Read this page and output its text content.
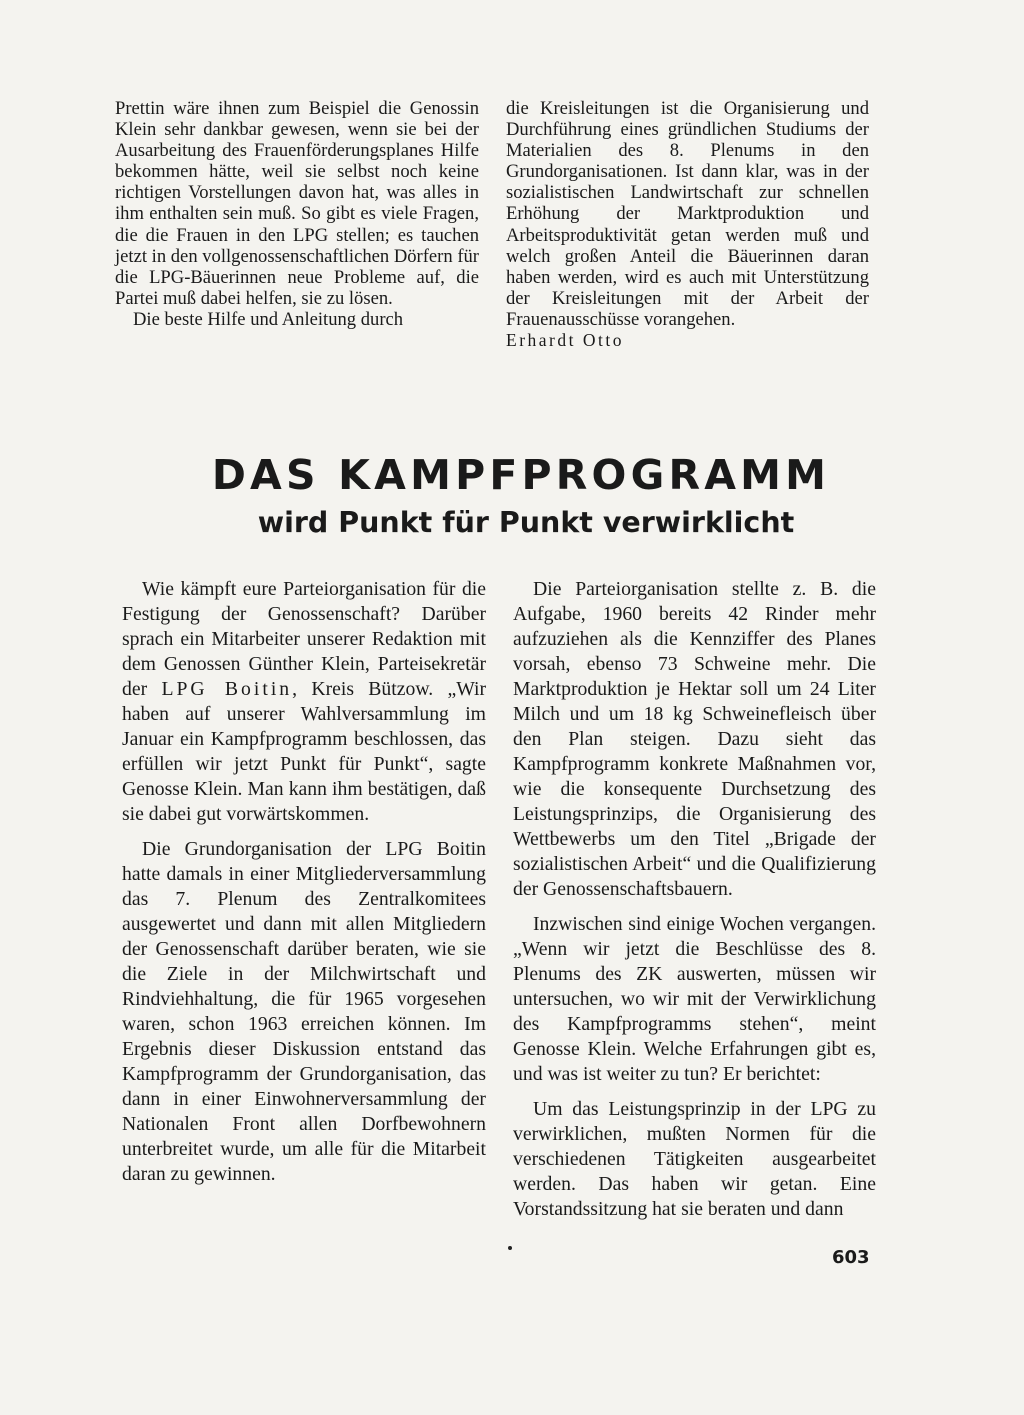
Prettin wäre ihnen zum Beispiel die Genossin Klein sehr dankbar gewesen, wenn sie bei der Ausarbeitung des Frauenförderungsplanes Hilfe bekommen hätte, weil sie selbst noch keine richtigen Vorstellungen davon hat, was alles in ihm enthalten sein muß. So gibt es viele Fragen, die die Frauen in den LPG stellen; es tauchen jetzt in den vollgenossenschaftlichen Dörfern für die LPG-Bäuerinnen neue Probleme auf, die Partei muß dabei helfen, sie zu lösen.

Die beste Hilfe und Anleitung durch

die Kreisleitungen ist die Organisierung und Durchführung eines gründlichen Studiums der Materialien des 8. Plenums in den Grundorganisationen. Ist dann klar, was in der sozialistischen Landwirtschaft zur schnellen Erhöhung der Marktproduktion und Arbeitsproduktivität getan werden muß und welch großen Anteil die Bäuerinnen daran haben werden, wird es auch mit Unterstützung der Kreisleitungen mit der Arbeit der Frauenausschüsse vorangehen.

Erhardt Otto

DAS KAMPFPROGRAMM
wird Punkt für Punkt verwirklicht

Wie kämpft eure Parteiorganisation für die Festigung der Genossenschaft? Darüber sprach ein Mitarbeiter unserer Redaktion mit dem Genossen Günther Klein, Parteisekretär der LPG Boitin, Kreis Bützow. „Wir haben auf unserer Wahlversammlung im Januar ein Kampfprogramm beschlossen, das erfüllen wir jetzt Punkt für Punkt“, sagte Genosse Klein. Man kann ihm bestätigen, daß sie dabei gut vorwärtskommen.

Die Grundorganisation der LPG Boitin hatte damals in einer Mitgliederversammlung das 7. Plenum des Zentralkomitees ausgewertet und dann mit allen Mitgliedern der Genossenschaft darüber beraten, wie sie die Ziele in der Milchwirtschaft und Rindviehhaltung, die für 1965 vorgesehen waren, schon 1963 erreichen können. Im Ergebnis dieser Diskussion entstand das Kampfprogramm der Grundorganisation, das dann in einer Einwohnerversammlung der Nationalen Front allen Dorfbewohnern unterbreitet wurde, um alle für die Mitarbeit daran zu gewinnen.

Die Parteiorganisation stellte z. B. die Aufgabe, 1960 bereits 42 Rinder mehr aufzuziehen als die Kennziffer des Planes vorsah, ebenso 73 Schweine mehr. Die Marktproduktion je Hektar soll um 24 Liter Milch und um 18 kg Schweinefleisch über den Plan steigen. Dazu sieht das Kampfprogramm konkrete Maßnahmen vor, wie die konsequente Durchsetzung des Leistungsprinzips, die Organisierung des Wettbewerbs um den Titel „Brigade der sozialistischen Arbeit“ und die Qualifizierung der Genossenschaftsbauern.

Inzwischen sind einige Wochen vergangen. „Wenn wir jetzt die Beschlüsse des 8. Plenums des ZK auswerten, müssen wir untersuchen, wo wir mit der Verwirklichung des Kampfprogramms stehen“, meint Genosse Klein. Welche Erfahrungen gibt es, und was ist weiter zu tun? Er berichtet:

Um das Leistungsprinzip in der LPG zu verwirklichen, mußten Normen für die verschiedenen Tätigkeiten ausgearbeitet werden. Das haben wir getan. Eine Vorstandssitzung hat sie beraten und dann

603
